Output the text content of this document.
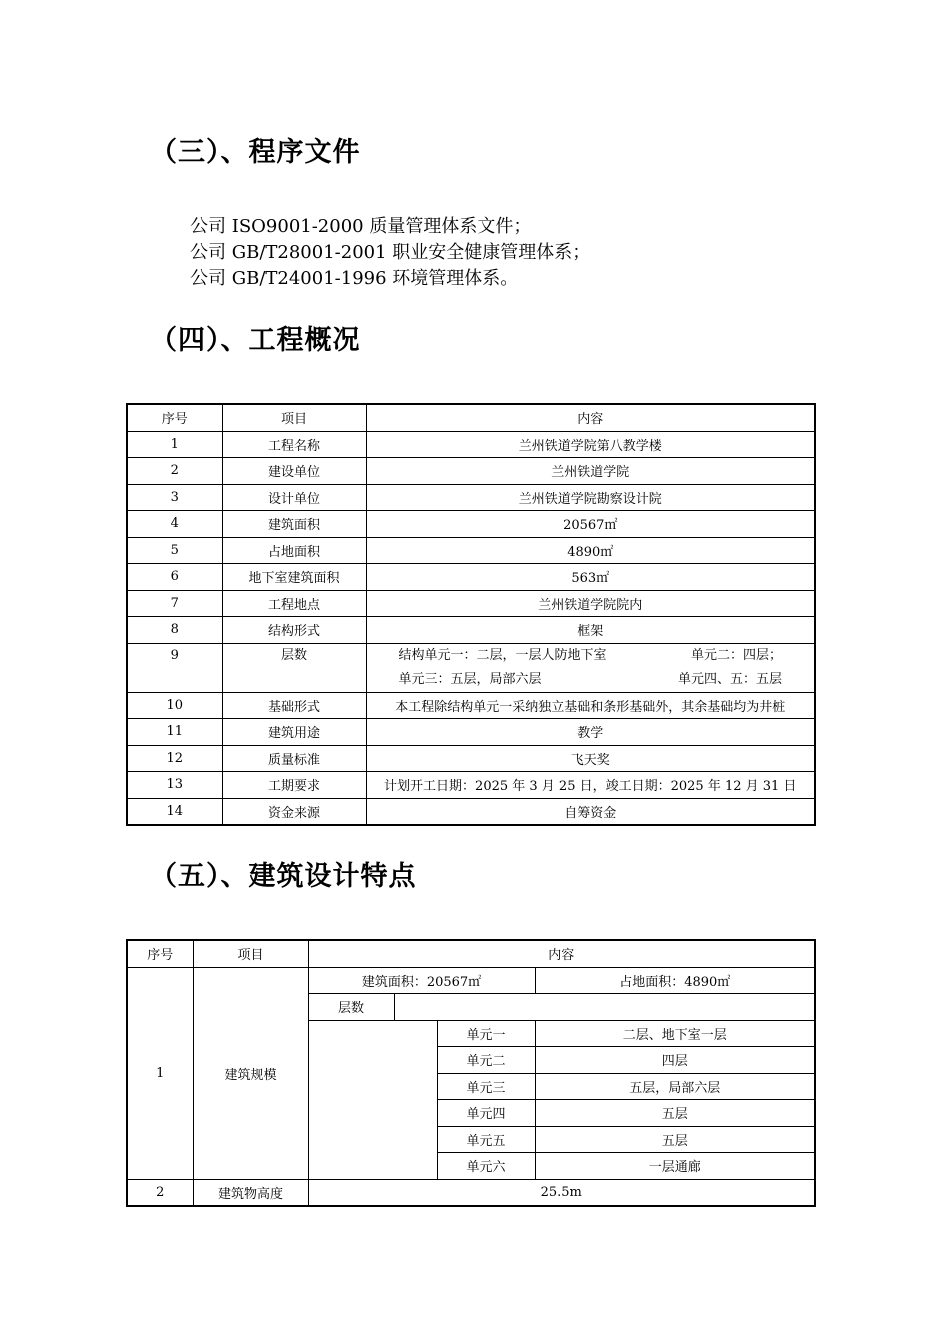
（三）、程序文件
公司 ISO9001-2000 质量管理体系文件；
公司 GB/T28001-2001 职业安全健康管理体系；
公司 GB/T24001-1996 环境管理体系。
（四）、工程概况
序号	项目	内容
1	工程名称	兰州铁道学院第八教学楼
2	建设单位	兰州铁道学院
3	设计单位	兰州铁道学院勘察设计院
4	建筑面积	20567㎡
5	占地面积	4890㎡
6	地下室建筑面积	563㎡
7	工程地点	兰州铁道学院院内
8	结构形式	框架
9	层数	结构单元一：二层，一层人防地下室 单元二：四层；
单元三：五层，局部六层 单元四、五：五层

10	基础形式	本工程除结构单元一采纳独立基础和条形基础外，其余基础均为井桩
11	建筑用途	教学
12	质量标准	飞天奖
13	工期要求	计划开工日期：2025 年 3 月 25 日，竣工日期：2025 年 12 月 31 日
14	资金来源	自筹资金
（五）、建筑设计特点
序号	项目	内容			
1	建筑规模	建筑面积：20567㎡			占地面积：4890㎡
		层数			
				单元一	二层、地下室一层
				单元二	四层
				单元三	五层，局部六层
				单元四	五层
				单元五	五层
				单元六	一层通廊
2	建筑物高度	25.5m			
